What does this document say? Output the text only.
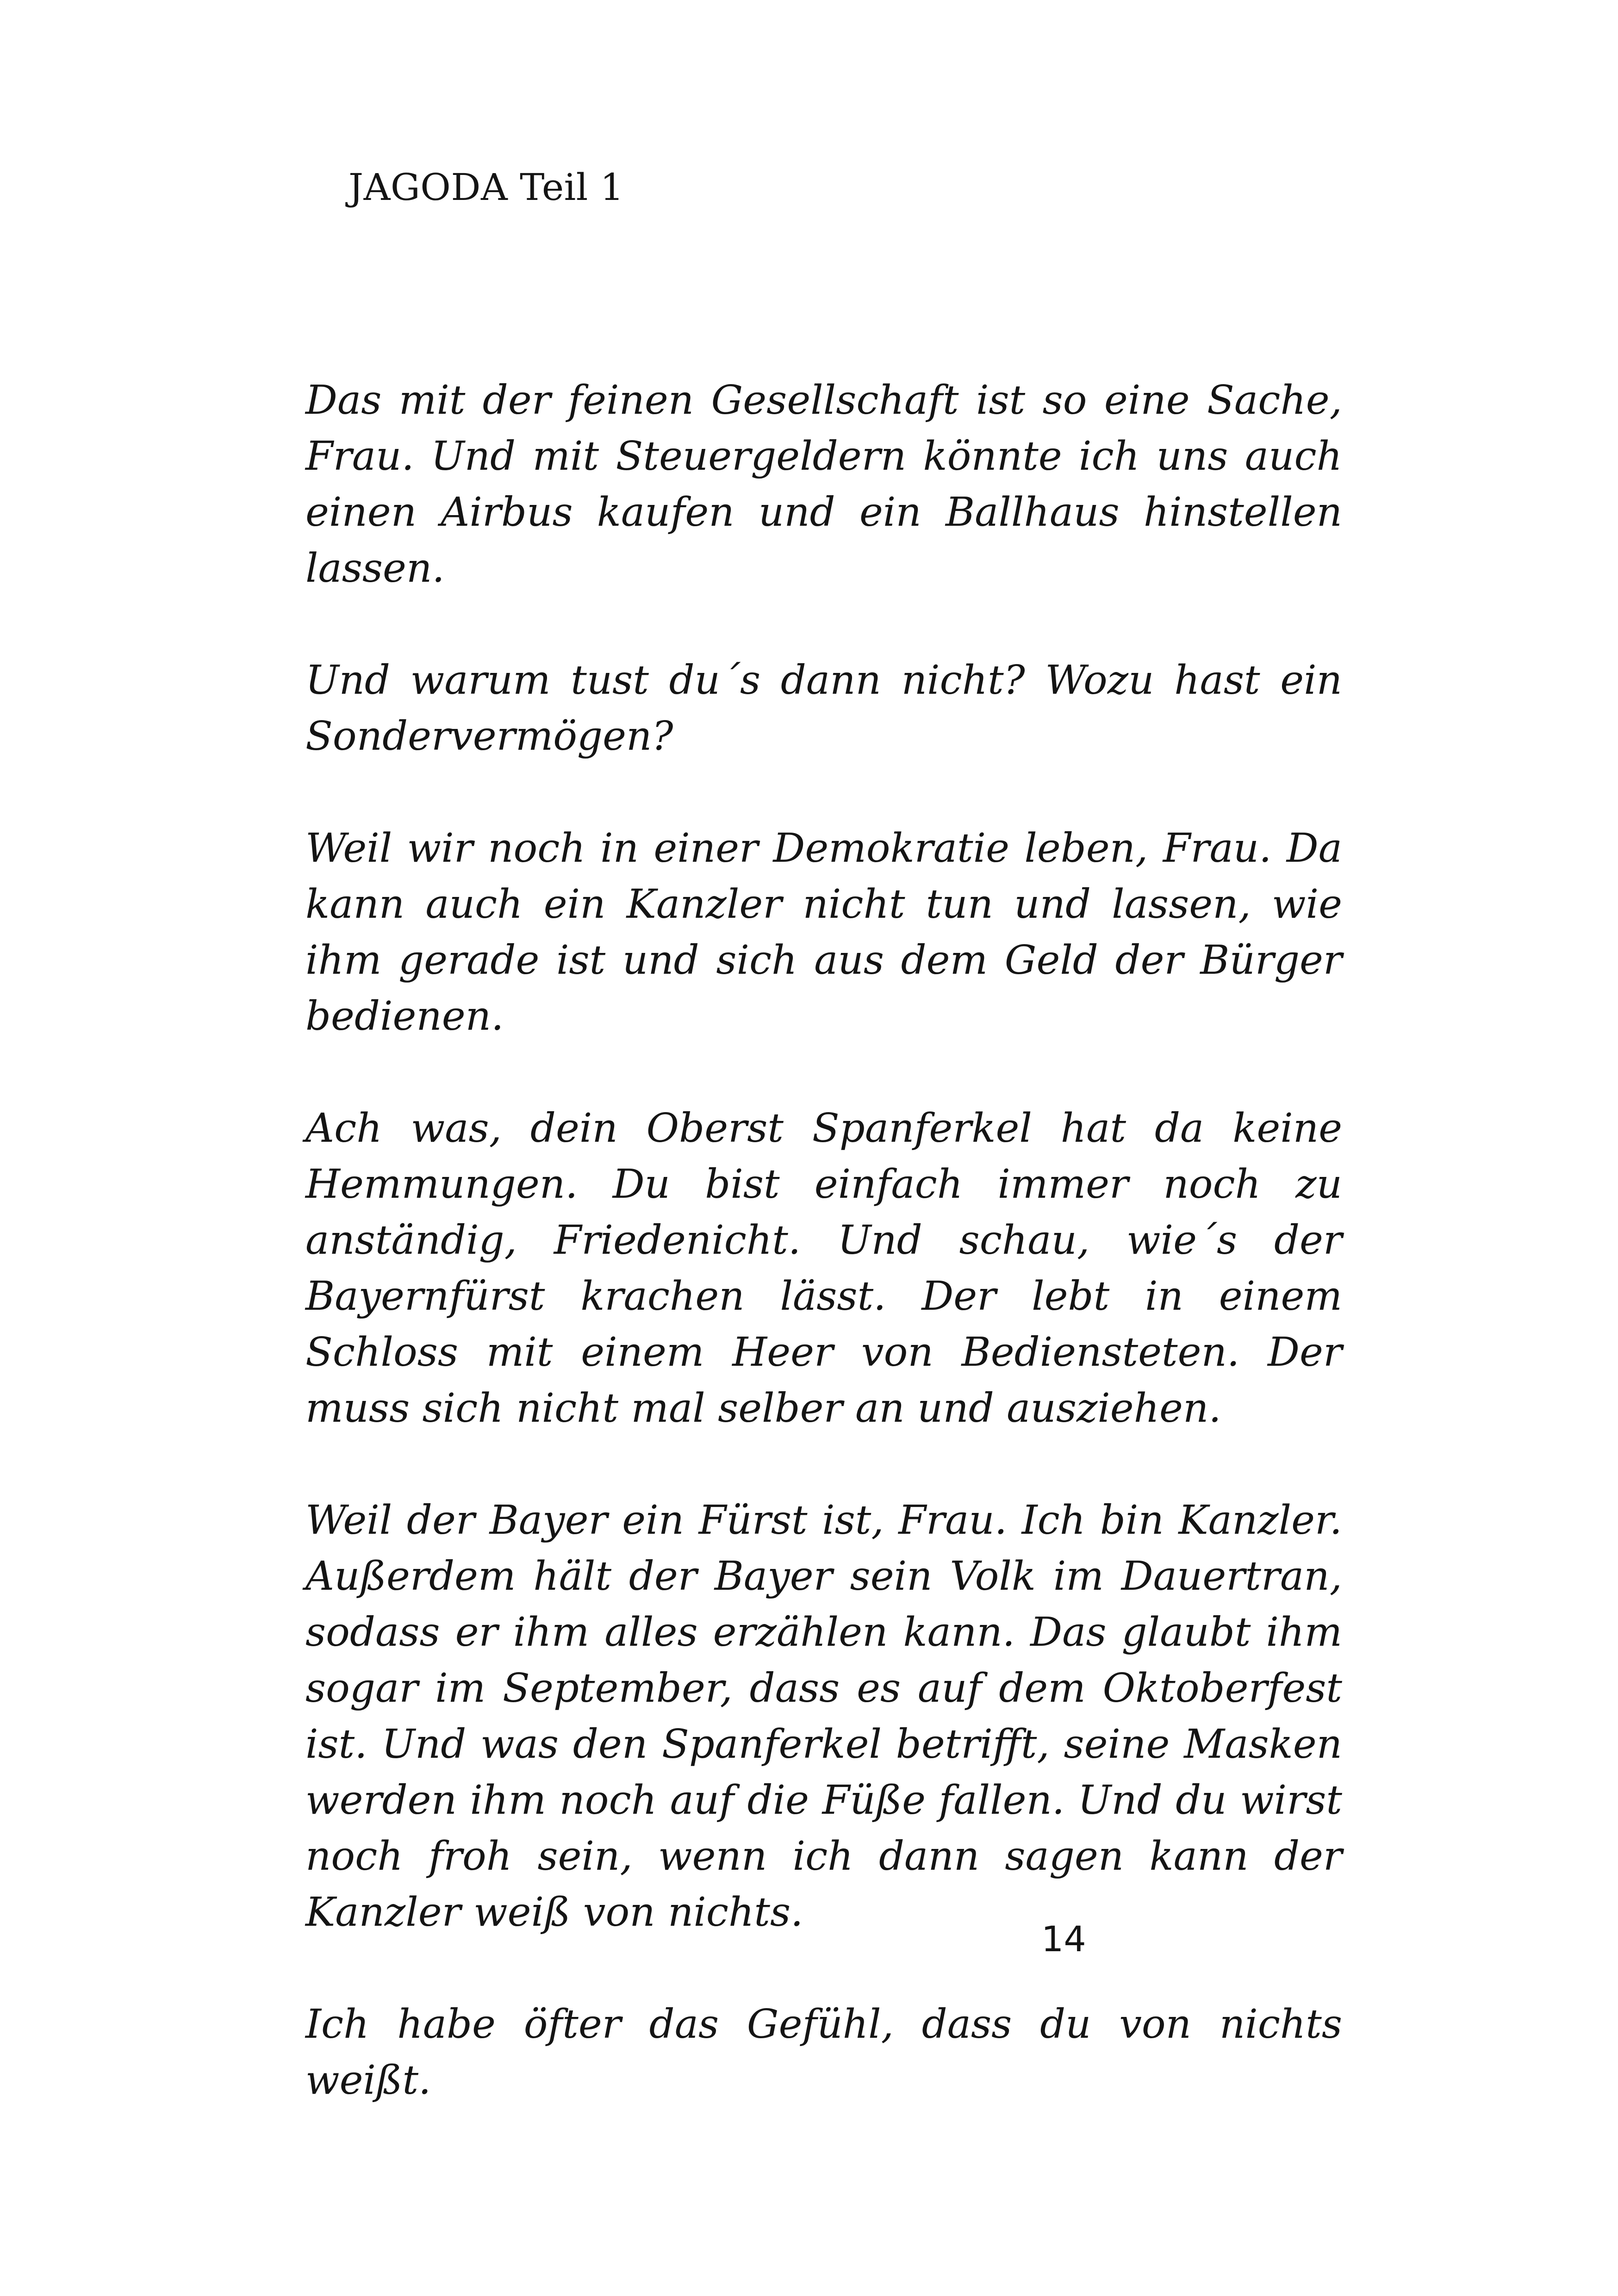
JAGODA Teil 1

Das mit der feinen Gesellschaft ist so eine Sache, Frau. Und mit Steuergeldern könnte ich uns auch einen Airbus kaufen und ein Ballhaus hinstellen lassen.

Und warum tust du´s dann nicht? Wozu hast ein Sondervermögen?

Weil wir noch in einer Demokratie leben, Frau. Da kann auch ein Kanzler nicht tun und lassen, wie ihm gerade ist und sich aus dem Geld der Bürger bedienen.

Ach was, dein Oberst Spanferkel hat da keine Hemmungen. Du bist einfach immer noch zu anständig, Friedenicht. Und schau, wie´s der Bayernfürst krachen lässt. Der lebt in einem Schloss mit einem Heer von Bediensteten. Der muss sich nicht mal selber an und ausziehen.

Weil der Bayer ein Fürst ist, Frau. Ich bin Kanzler. Außerdem hält der Bayer sein Volk im Dauertran, sodass er ihm alles erzählen kann. Das glaubt ihm sogar im September, dass es auf dem Oktoberfest ist. Und was den Spanferkel betrifft, seine Masken werden ihm noch auf die Füße fallen. Und du wirst noch froh sein, wenn ich dann sagen kann der Kanzler weiß von nichts.

Ich habe öfter das Gefühl, dass du von nichts weißt.

14
